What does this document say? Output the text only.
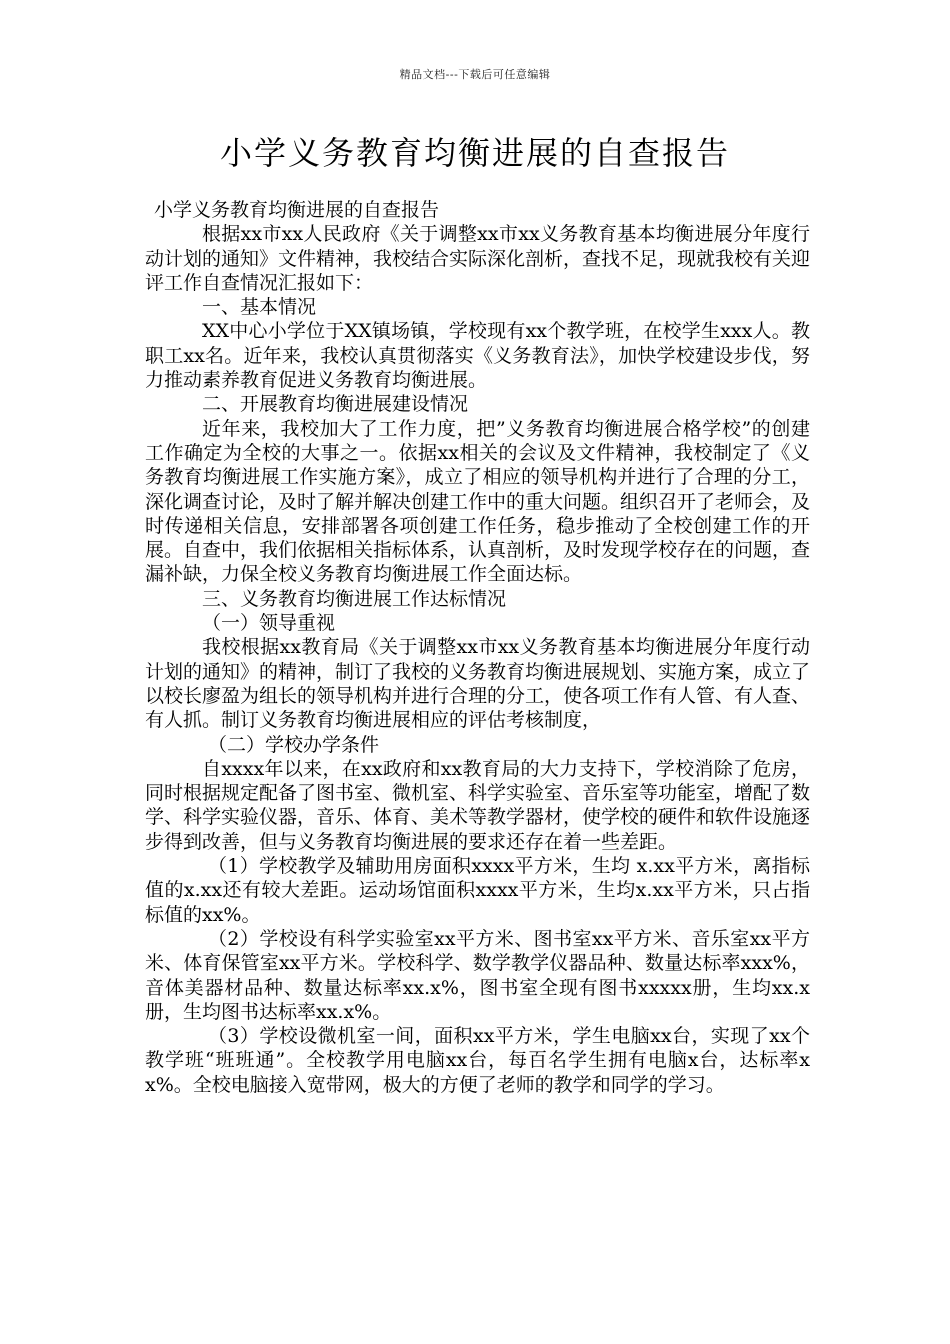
精品文档---下载后可任意编辑
小学义务教育均衡进展的自查报告

小学义务教育均衡进展的自查报告

根据xx市xx人民政府《关于调整xx市xx义务教育基本均衡进展分年度行动计划的通知》文件精神，我校结合实际深化剖析，查找不足，现就我校有关迎评工作自查情况汇报如下：

一、基本情况

XX中心小学位于XX镇场镇，学校现有xx个教学班，在校学生xxx人。教职工xx名。近年来，我校认真贯彻落实《义务教育法》，加快学校建设步伐，努力推动素养教育促进义务教育均衡进展。

二、开展教育均衡进展建设情况

近年来，我校加大了工作力度，把”义务教育均衡进展合格学校”的创建工作确定为全校的大事之一。依据xx相关的会议及文件精神，我校制定了《义务教育均衡进展工作实施方案》，成立了相应的领导机构并进行了合理的分工，深化调查讨论，及时了解并解决创建工作中的重大问题。组织召开了老师会，及时传递相关信息，安排部署各项创建工作任务，稳步推动了全校创建工作的开展。自查中，我们依据相关指标体系，认真剖析，及时发现学校存在的问题，查漏补缺，力保全校义务教育均衡进展工作全面达标。

三、义务教育均衡进展工作达标情况

（一）领导重视

我校根据xx教育局《关于调整xx市xx义务教育基本均衡进展分年度行动计划的通知》的精神，制订了我校的义务教育均衡进展规划、实施方案，成立了以校长廖盈为组长的领导机构并进行合理的分工，使各项工作有人管、有人查、有人抓。制订义务教育均衡进展相应的评估考核制度，

（二）学校办学条件

自xxxx年以来，在xx政府和xx教育局的大力支持下，学校消除了危房，同时根据规定配备了图书室、微机室、科学实验室、音乐室等功能室，增配了数学、科学实验仪器，音乐、体育、美术等教学器材，使学校的硬件和软件设施逐步得到改善，但与义务教育均衡进展的要求还存在着一些差距。

（1）学校教学及辅助用房面积xxxx平方米，生均 x.xx平方米，离指标值的x.xx还有较大差距。运动场馆面积xxxx平方米，生均x.xx平方米，只占指标值的xx%。

（2）学校设有科学实验室xx平方米、图书室xx平方米、音乐室xx平方米、体育保管室xx平方米。学校科学、数学教学仪器品种、数量达标率xxx%，音体美器材品种、数量达标率xx.x%，图书室全现有图书xxxxx册，生均xx.x册，生均图书达标率xx.x%。

（3）学校设微机室一间，面积xx平方米，学生电脑xx台，实现了xx个教学班“班班通”。全校教学用电脑xx台，每百名学生拥有电脑x台，达标率xx%。全校电脑接入宽带网，极大的方便了老师的教学和同学的学习。
